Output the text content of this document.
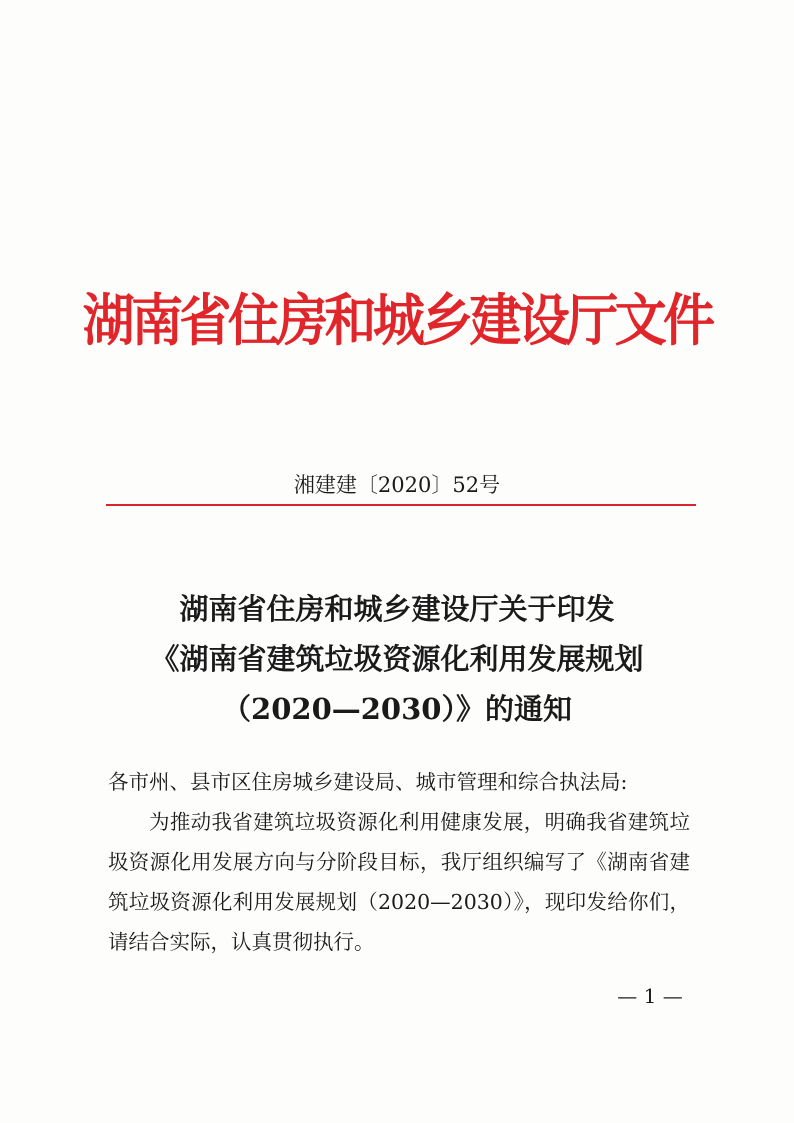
湖南省住房和城乡建设厅文件
湘建建〔2020〕52号
湖南省住房和城乡建设厅关于印发
《湖南省建筑垃圾资源化利用发展规划
（2020—2030）》的通知

各市州、县市区住房城乡建设局、城市管理和综合执法局:

为推动我省建筑垃圾资源化利用健康发展，明确我省建筑垃圾资源化用发展方向与分阶段目标，我厅组织编写了《湖南省建筑垃圾资源化利用发展规划（2020—2030）》，现印发给你们，请结合实际，认真贯彻执行。

— 1 —
